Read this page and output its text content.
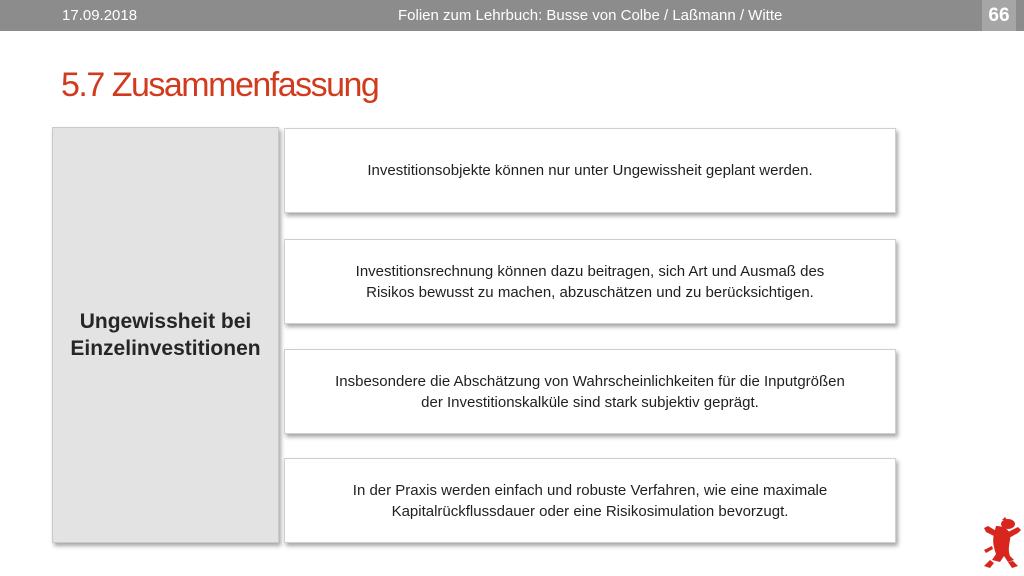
17.09.2018	Folien zum Lehrbuch: Busse von Colbe / Laßmann / Witte	66
5.7 Zusammenfassung
Ungewissheit bei
Einzelinvestitionen
Investitionsobjekte können nur unter Ungewissheit geplant werden.
Investitionsrechnung können dazu beitragen, sich Art und Ausmaß des
Risikos bewusst zu machen, abzuschätzen und zu berücksichtigen.
Insbesondere die Abschätzung von Wahrscheinlichkeiten für die Inputgrößen
der Investitionskalküle sind stark subjektiv geprägt.
In der Praxis werden einfach und robuste Verfahren, wie eine maximale
Kapitalrückflussdauer oder eine Risikosimulation bevorzugt.
